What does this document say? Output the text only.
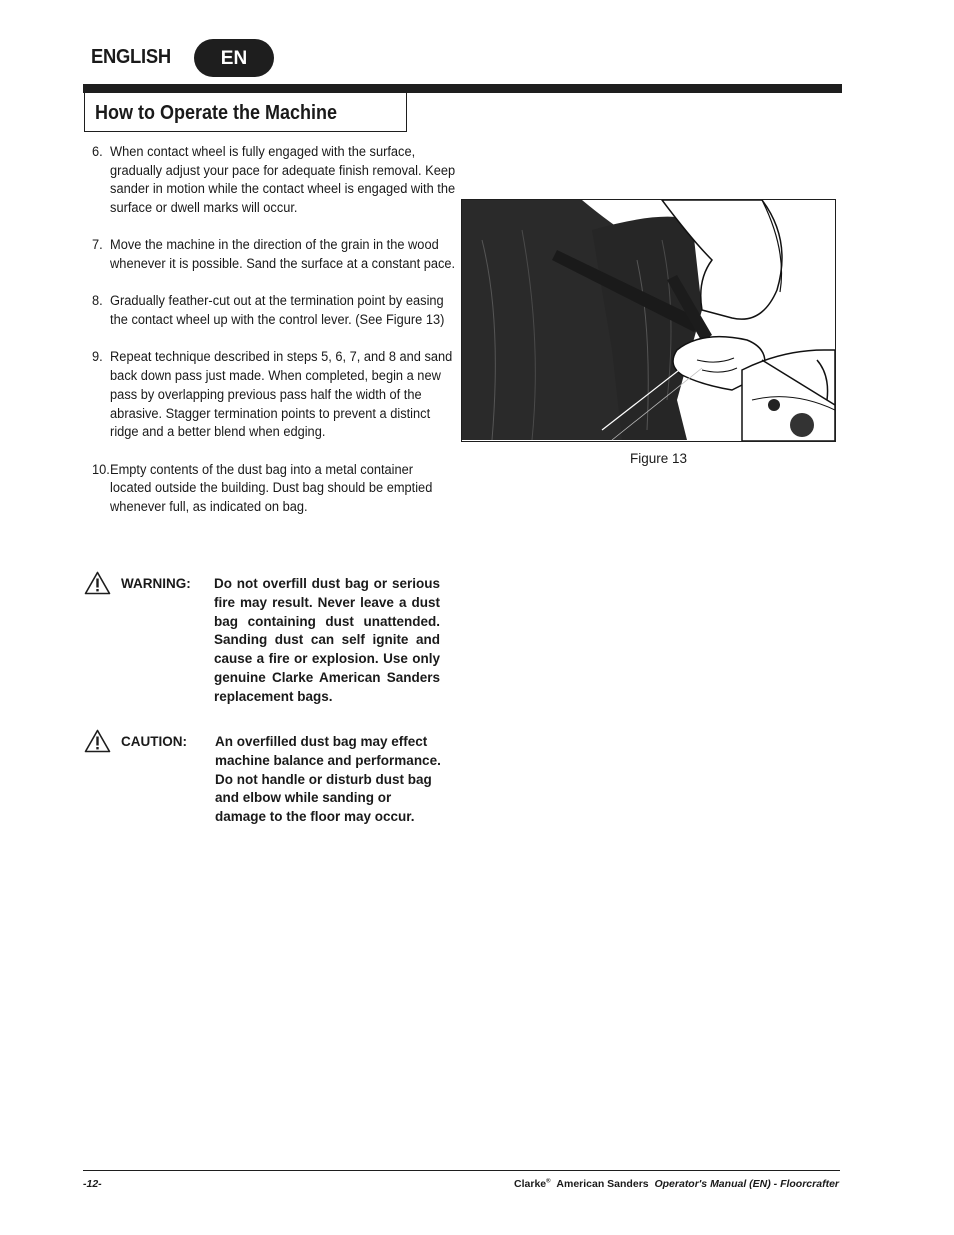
ENGLISH	EN
How to Operate the Machine
6. When contact wheel is fully engaged with the surface, gradually adjust your pace for adequate finish removal. Keep sander in motion while the contact wheel is engaged with the surface or dwell marks will occur.
7. Move the machine in the direction of the grain in the wood whenever it is possible. Sand the surface at a constant pace.
8. Gradually feather-cut out at the termination point by easing the contact wheel up with the control lever. (See Figure 13)
9. Repeat technique described in steps 5, 6, 7, and 8 and sand back down pass just made. When completed, begin a new pass by overlapping previous pass half the width of the abrasive. Stagger termination points to prevent a distinct ridge and a better blend when edging.
10. Empty contents of the dust bag into a metal container located outside the building. Dust bag should be emptied whenever full, as indicated on bag.
WARNING: Do not overfill dust bag or serious fire may result. Never leave a dust bag containing dust unattended. Sanding dust can self ignite and cause a fire or explosion. Use only genuine Clarke American Sanders replacement bags.
CAUTION: An overfilled dust bag may effect machine balance and performance. Do not handle or disturb dust bag and elbow while sanding or damage to the floor may occur.
Figure 13
-12-	Clarke® American Sanders Operator's Manual (EN) - Floorcrafter
